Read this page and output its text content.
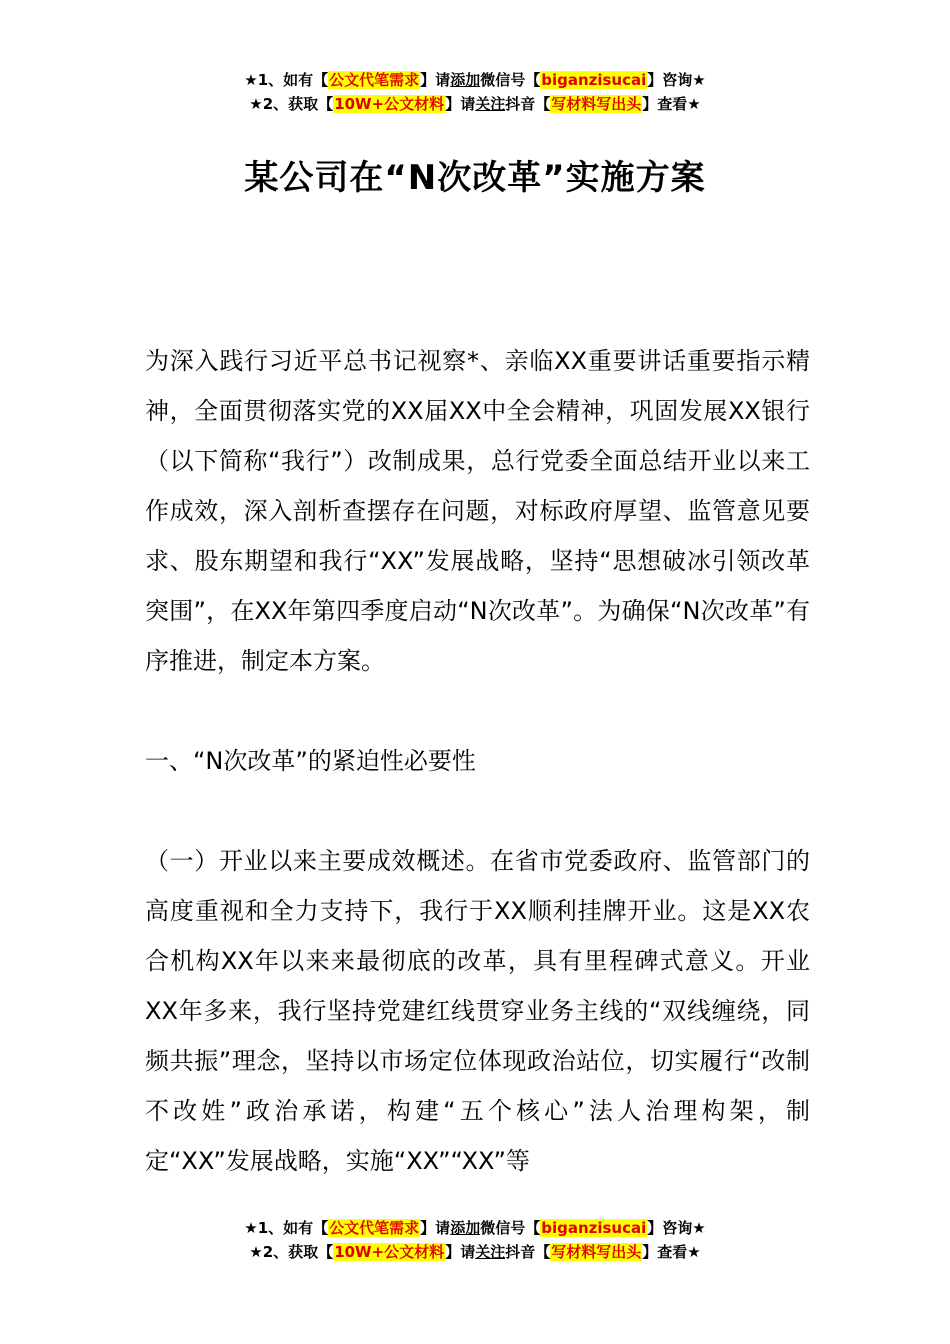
★1、如有【公文代笔需求】请添加微信号【biganzisucai】咨询★
★2、获取【10W+公文材料】请关注抖音【写材料写出头】查看★
某公司在“N次改革”实施方案

为深入践行习近平总书记视察*、亲临XX重要讲话重要指示精神，全面贯彻落实党的XX届XX中全会精神，巩固发展XX银行（以下简称“我行”）改制成果，总行党委全面总结开业以来工作成效，深入剖析查摆存在问题，对标政府厚望、监管意见要求、股东期望和我行“XX”发展战略，坚持“思想破冰引领改革突围”，在XX年第四季度启动“N次改革”。为确保“N次改革”有序推进，制定本方案。

一、“N次改革”的紧迫性必要性

（一）开业以来主要成效概述。在省市党委政府、监管部门的高度重视和全力支持下，我行于XX顺利挂牌开业。这是XX农合机构XX年以来来最彻底的改革，具有里程碑式意义。开业XX年多来，我行坚持党建红线贯穿业务主线的“双线缠绕，同频共振”理念，坚持以市场定位体现政治站位，切实履行“改制不改姓”政治承诺，构建“五个核心”法人治理构架，制定“XX”发展战略，实施“XX”“XX”等

★1、如有【公文代笔需求】请添加微信号【biganzisucai】咨询★
★2、获取【10W+公文材料】请关注抖音【写材料写出头】查看★
